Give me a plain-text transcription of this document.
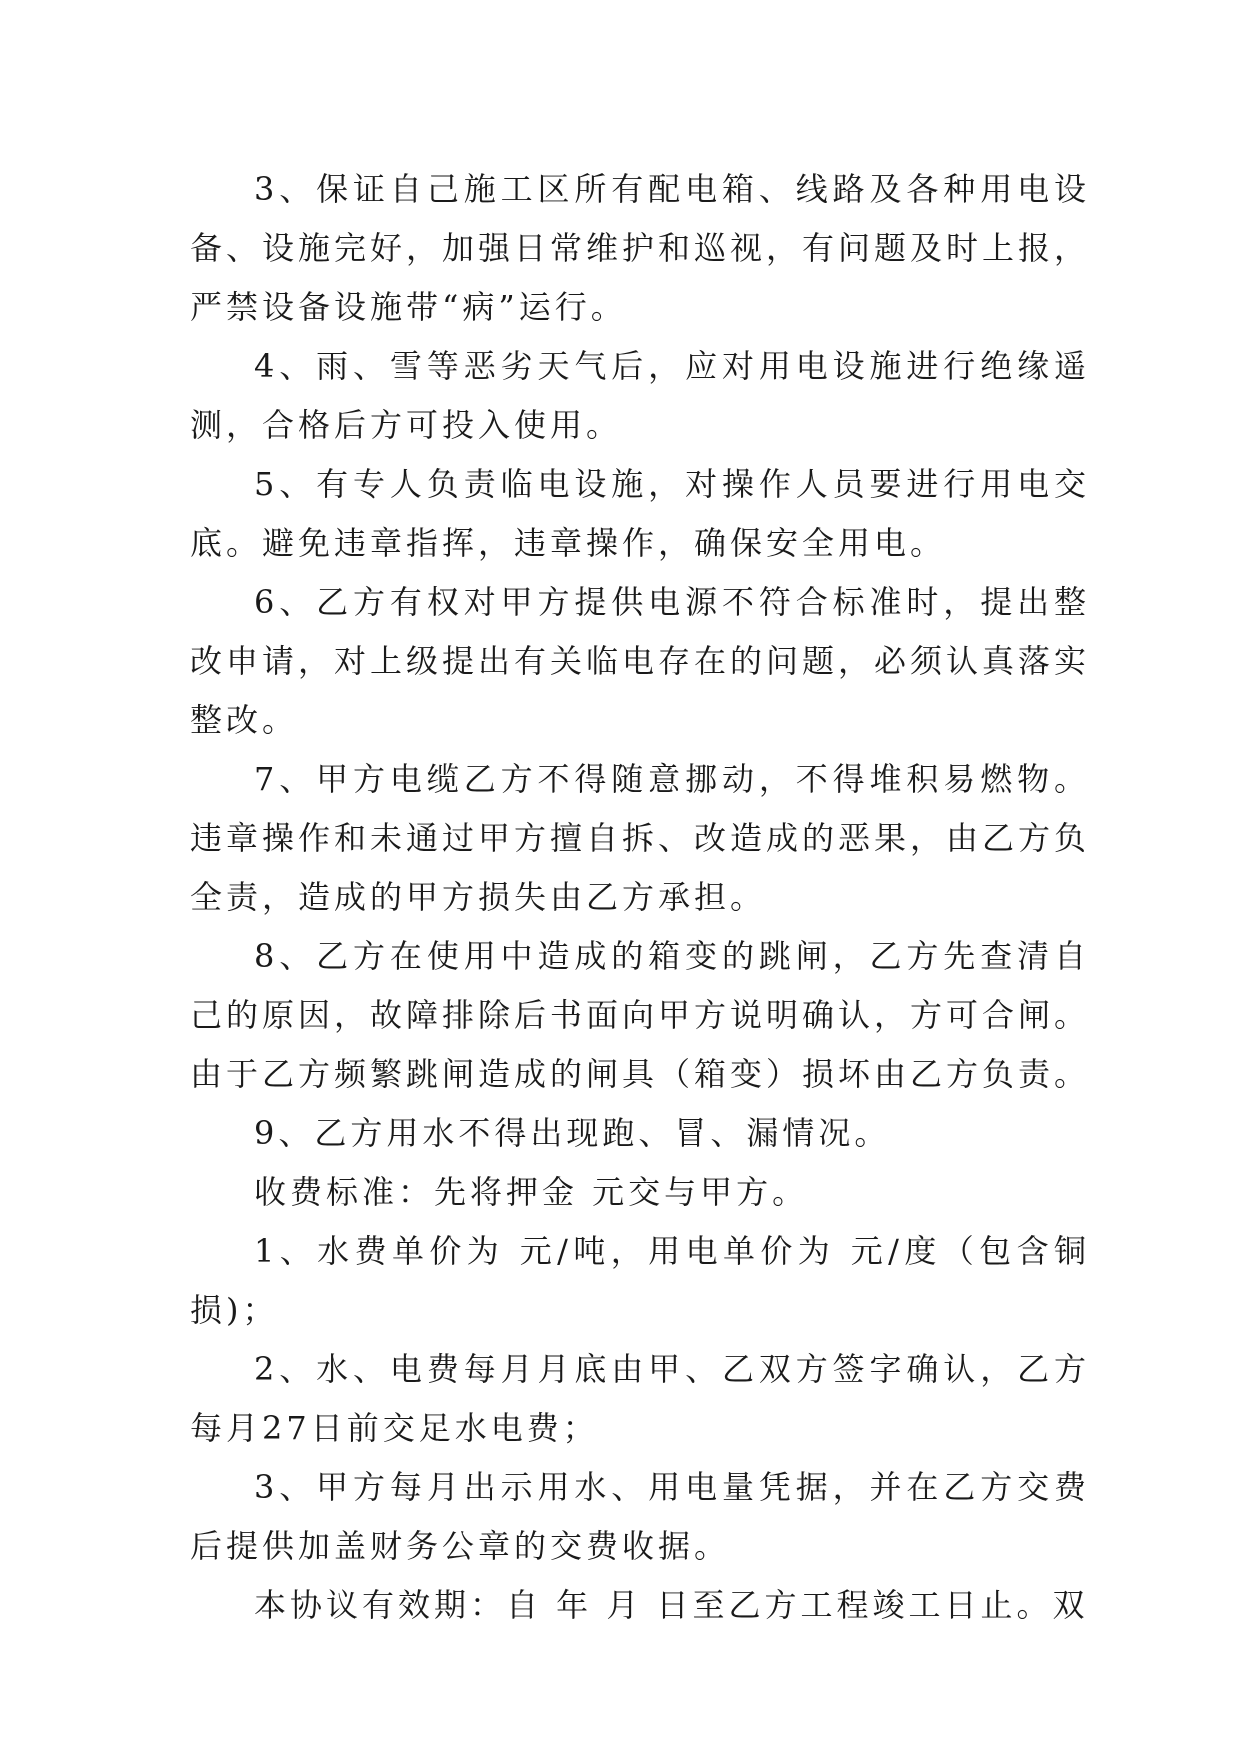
3、保证自己施工区所有配电箱、线路及各种用电设备、设施完好，加强日常维护和巡视，有问题及时上报，严禁设备设施带“病”运行。

4、雨、雪等恶劣天气后，应对用电设施进行绝缘遥测，合格后方可投入使用。

5、有专人负责临电设施，对操作人员要进行用电交底。避免违章指挥，违章操作，确保安全用电。

6、乙方有权对甲方提供电源不符合标准时，提出整改申请，对上级提出有关临电存在的问题，必须认真落实整改。

7、甲方电缆乙方不得随意挪动，不得堆积易燃物。违章操作和未通过甲方擅自拆、改造成的恶果，由乙方负全责，造成的甲方损失由乙方承担。

8、乙方在使用中造成的箱变的跳闸，乙方先查清自己的原因，故障排除后书面向甲方说明确认，方可合闸。由于乙方频繁跳闸造成的闸具（箱变）损坏由乙方负责。

9、乙方用水不得出现跑、冒、漏情况。

收费标准：先将押金 元交与甲方。

1、水费单价为 元/吨，用电单价为 元/度（包含铜损)；

2、水、电费每月月底由甲、乙双方签字确认，乙方每月27日前交足水电费；

3、甲方每月出示用水、用电量凭据，并在乙方交费后提供加盖财务公章的交费收据。

本协议有效期：自 年 月 日至乙方工程竣工日止。双
